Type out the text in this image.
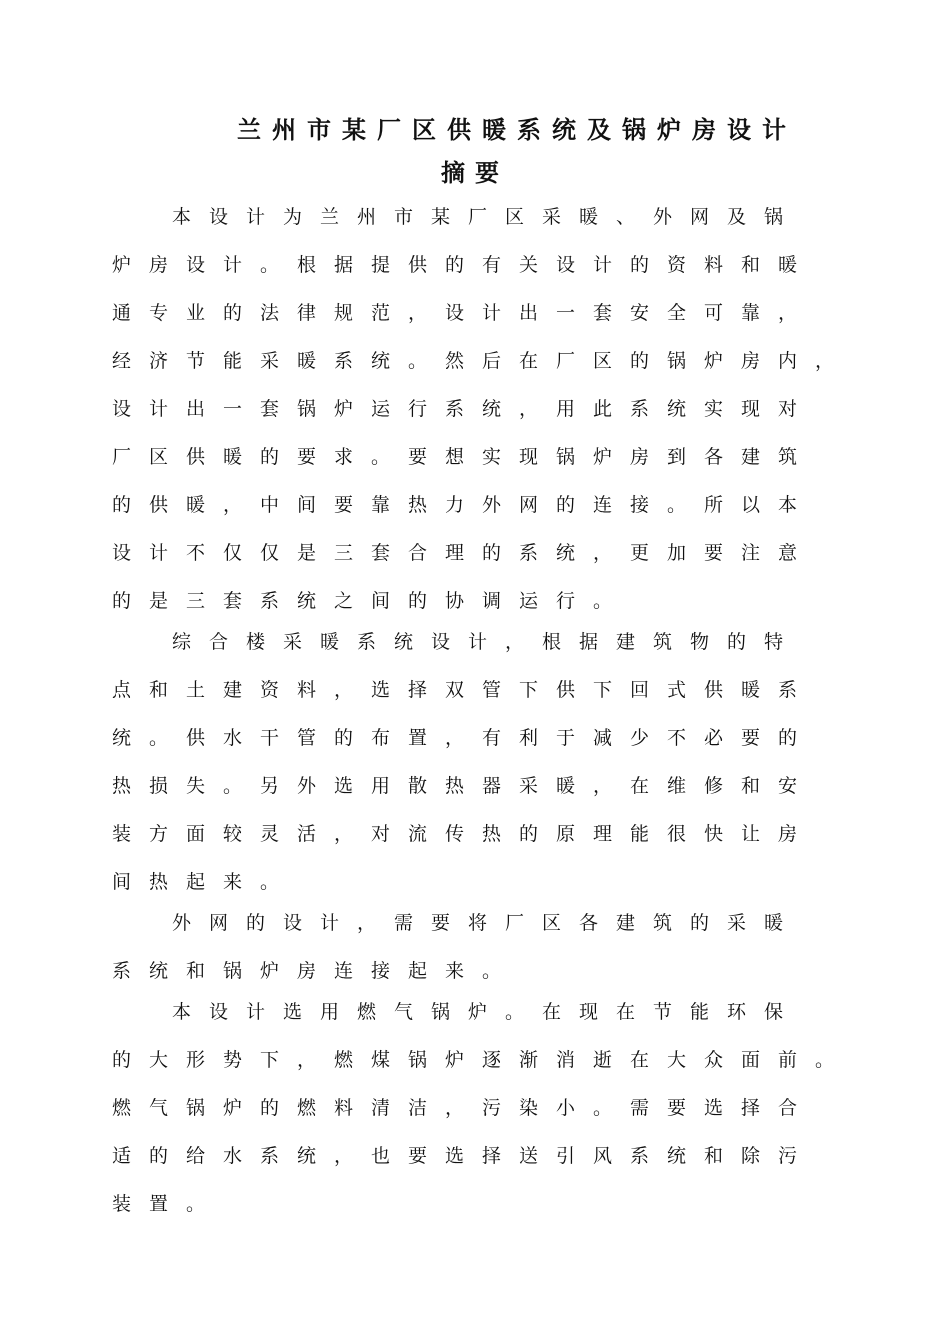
兰州市某厂区供暖系统及锅炉房设计
摘要
本设计为兰州市某厂区采暖、外网及锅
炉房设计。根据提供的有关设计的资料和暖
通专业的法律规范，设计出一套安全可靠，
经济节能采暖系统。然后在厂区的锅炉房内，
设计出一套锅炉运行系统，用此系统实现对
厂区供暖的要求。要想实现锅炉房到各建筑
的供暖，中间要靠热力外网的连接。所以本
设计不仅仅是三套合理的系统，更加要注意
的是三套系统之间的协调运行。
综合楼采暖系统设计，根据建筑物的特
点和土建资料，选择双管下供下回式供暖系
统。供水干管的布置，有利于减少不必要的
热损失。另外选用散热器采暖，在维修和安
装方面较灵活，对流传热的原理能很快让房
间热起来。
外网的设计，需要将厂区各建筑的采暖
系统和锅炉房连接起来。
本设计选用燃气锅炉。在现在节能环保
的大形势下，燃煤锅炉逐渐消逝在大众面前。
燃气锅炉的燃料清洁，污染小。需要选择合
适的给水系统，也要选择送引风系统和除污
装置。
